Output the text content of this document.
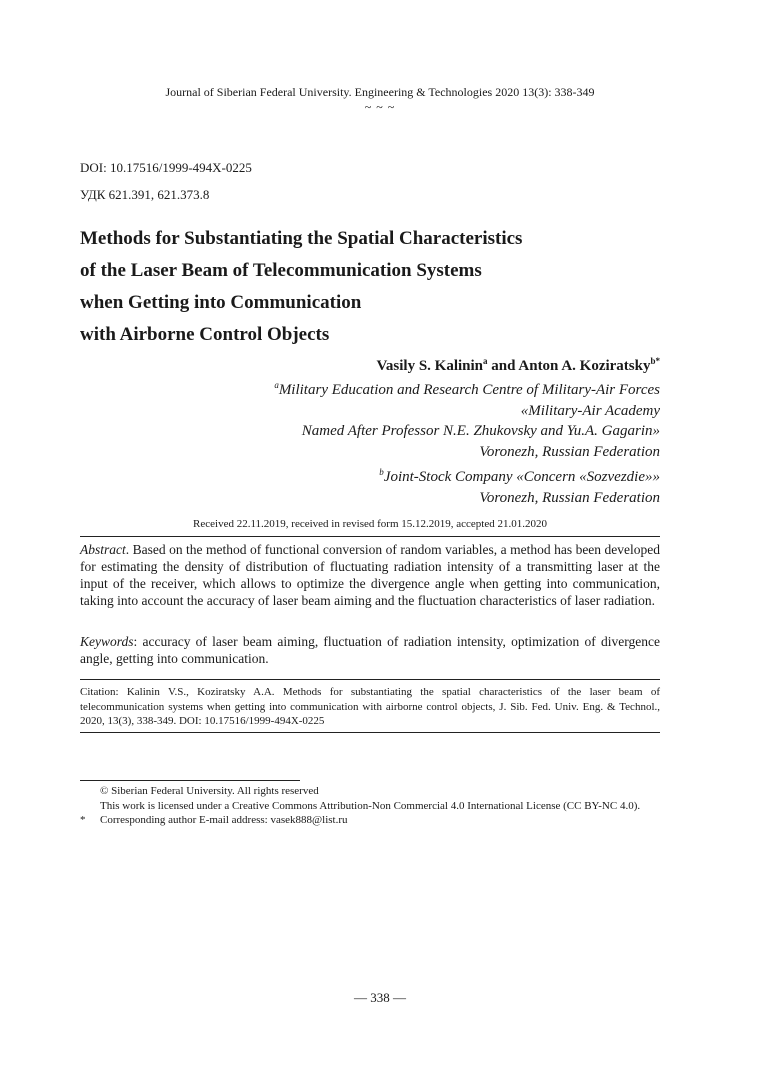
Journal of Siberian Federal University. Engineering & Technologies 2020 13(3): 338-349
~ ~ ~
DOI: 10.17516/1999-494X-0225
УДК 621.391, 621.373.8
Methods for Substantiating the Spatial Characteristics
of the Laser Beam of Telecommunication Systems
when Getting into Communication
with Airborne Control Objects
Vasily S. Kalinin$^a$ and Anton A. Koziratsky$^{b*}$
$^a$Military Education and Research Centre of Military-Air Forces
«Military-Air Academy
Named After Professor N.E. Zhukovsky and Yu.A. Gagarin»
Voronezh, Russian Federation
$^b$Joint-Stock Company «Concern «Sozvezdie»»
Voronezh, Russian Federation
Received 22.11.2019, received in revised form 15.12.2019, accepted 21.01.2020
Abstract. Based on the method of functional conversion of random variables, a method has been developed for estimating the density of distribution of fluctuating radiation intensity of a transmitting laser at the input of the receiver, which allows to optimize the divergence angle when getting into communication, taking into account the accuracy of laser beam aiming and the fluctuation characteristics of laser radiation.
Keywords: accuracy of laser beam aiming, fluctuation of radiation intensity, optimization of divergence angle, getting into communication.
Citation: Kalinin V.S., Koziratsky A.A. Methods for substantiating the spatial characteristics of the laser beam of telecommunication systems when getting into communication with airborne control objects, J. Sib. Fed. Univ. Eng. & Technol., 2020, 13(3), 338-349. DOI: 10.17516/1999-494X-0225
© Siberian Federal University. All rights reserved
This work is licensed under a Creative Commons Attribution-Non Commercial 4.0 International License (CC BY-NC 4.0).
* Corresponding author E-mail address: vasek888@list.ru
— 338 —
